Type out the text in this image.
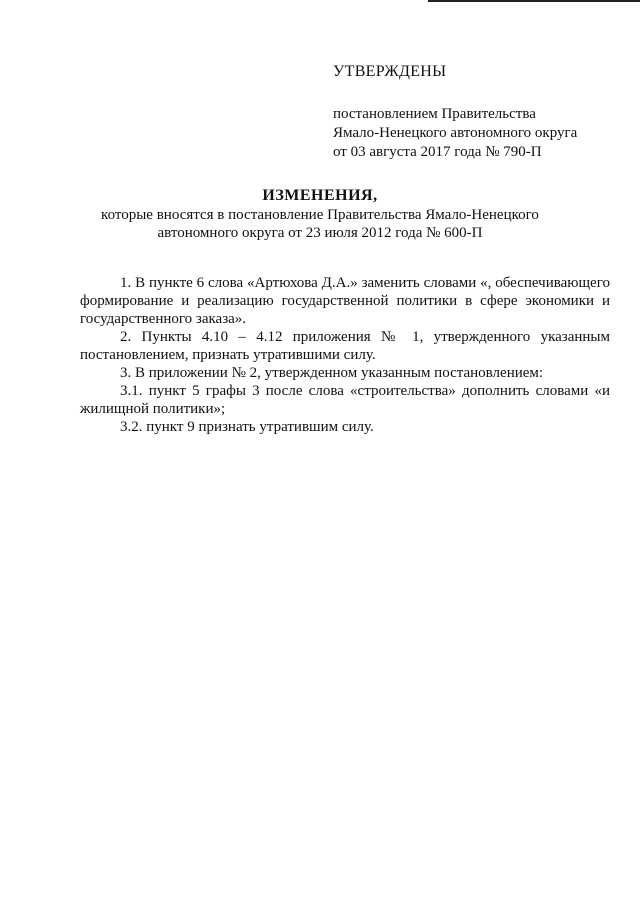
УТВЕРЖДЕНЫ
постановлением Правительства
Ямало-Ненецкого автономного округа
от 03 августа 2017 года № 790-П
ИЗМЕНЕНИЯ,
которые вносятся в постановление Правительства Ямало-Ненецкого
автономного округа от 23 июля 2012 года № 600-П

1. В пункте 6 слова «Артюхова Д.А.» заменить словами «, обеспечивающего формирование и реализацию государственной политики в сфере экономики и государственного заказа».

2. Пункты 4.10 – 4.12 приложения № 1, утвержденного указанным постановлением, признать утратившими силу.

3. В приложении № 2, утвержденном указанным постановлением:

3.1. пункт 5 графы 3 после слова «строительства» дополнить словами «и жилищной политики»;

3.2. пункт 9 признать утратившим силу.
